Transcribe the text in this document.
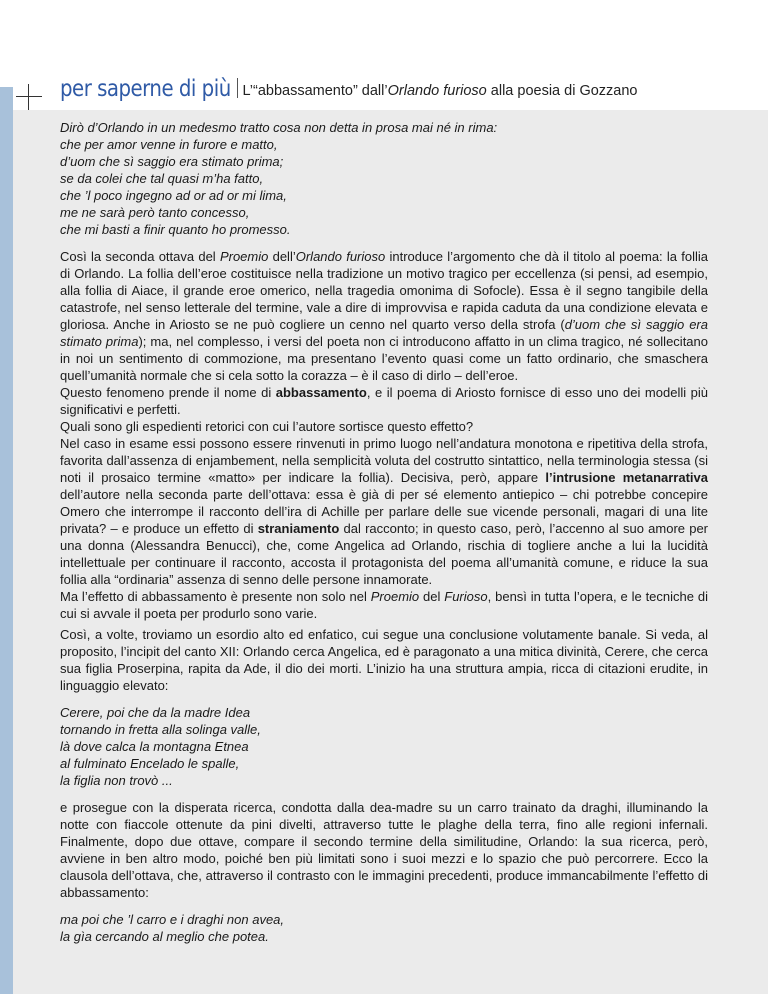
per saperne di più L’“abbassamento” dall’Orlando furioso alla poesia di Gozzano
Dirò d’Orlando in un medesmo tratto cosa non detta in prosa mai né in rima:
che per amor venne in furore e matto,
d’uom che sì saggio era stimato prima;
se da colei che tal quasi m’ha fatto,
che ’l poco ingegno ad or ad or mi lima,
me ne sarà però tanto concesso,
che mi basti a finir quanto ho promesso.

Così la seconda ottava del Proemio dell’Orlando furioso introduce l’argomento che dà il titolo al poema: la follia di Orlando. La follia dell’eroe costituisce nella tradizione un motivo tragico per eccellenza (si pensi, ad esempio, alla follia di Aiace, il grande eroe omerico, nella tragedia omonima di Sofocle). Essa è il segno tangibile della catastrofe, nel senso letterale del termine, vale a dire di improvvisa e rapida caduta da una condizione elevata e gloriosa. Anche in Ariosto se ne può cogliere un cenno nel quarto verso della strofa (d’uom che sì saggio era stimato prima); ma, nel complesso, i versi del poeta non ci introducono affatto in un clima tragico, né sollecitano in noi un sentimento di commozione, ma presentano l’evento quasi come un fatto ordinario, che smaschera quell’umanità normale che si cela sotto la corazza – è il caso di dirlo – dell’eroe.

Questo fenomeno prende il nome di abbassamento, e il poema di Ariosto fornisce di esso uno dei modelli più significativi e perfetti.

Quali sono gli espedienti retorici con cui l’autore sortisce questo effetto?

Nel caso in esame essi possono essere rinvenuti in primo luogo nell’andatura monotona e ripetitiva della strofa, favorita dall’assenza di enjambement, nella semplicità voluta del costrutto sintattico, nella terminologia stessa (si noti il prosaico termine «matto» per indicare la follia). Decisiva, però, appare l’intrusione metanarrativa dell’autore nella seconda parte dell’ottava: essa è già di per sé elemento antiepico – chi potrebbe concepire Omero che interrompe il racconto dell’ira di Achille per parlare delle sue vicende personali, magari di una lite privata? – e produce un effetto di straniamento dal racconto; in questo caso, però, l’accenno al suo amore per una donna (Alessandra Benucci), che, come Angelica ad Orlando, rischia di togliere anche a lui la lucidità intellettuale per continuare il racconto, accosta il protagonista del poema all’umanità comune, e riduce la sua follia alla “ordinaria” assenza di senno delle persone innamorate.

Ma l’effetto di abbassamento è presente non solo nel Proemio del Furioso, bensì in tutta l’opera, e le tecniche di cui si avvale il poeta per produrlo sono varie.

Così, a volte, troviamo un esordio alto ed enfatico, cui segue una conclusione volutamente banale. Si veda, al proposito, l’incipit del canto XII: Orlando cerca Angelica, ed è paragonato a una mitica divinità, Cerere, che cerca sua figlia Proserpina, rapita da Ade, il dio dei morti. L’inizio ha una struttura ampia, ricca di citazioni erudite, in linguaggio elevato:

Cerere, poi che da la madre Idea
tornando in fretta alla solinga valle,
là dove calca la montagna Etnea
al fulminato Encelado le spalle,
la figlia non trovò ...

e prosegue con la disperata ricerca, condotta dalla dea-madre su un carro trainato da draghi, illuminando la notte con fiaccole ottenute da pini divelti, attraverso tutte le plaghe della terra, fino alle regioni infernali. Finalmente, dopo due ottave, compare il secondo termine della similitudine, Orlando: la sua ricerca, però, avviene in ben altro modo, poiché ben più limitati sono i suoi mezzi e lo spazio che può percorrere. Ecco la clausola dell’ottava, che, attraverso il contrasto con le immagini precedenti, produce immancabilmente l’effetto di abbassamento:

ma poi che ’l carro e i draghi non avea,
la gìa cercando al meglio che potea.
